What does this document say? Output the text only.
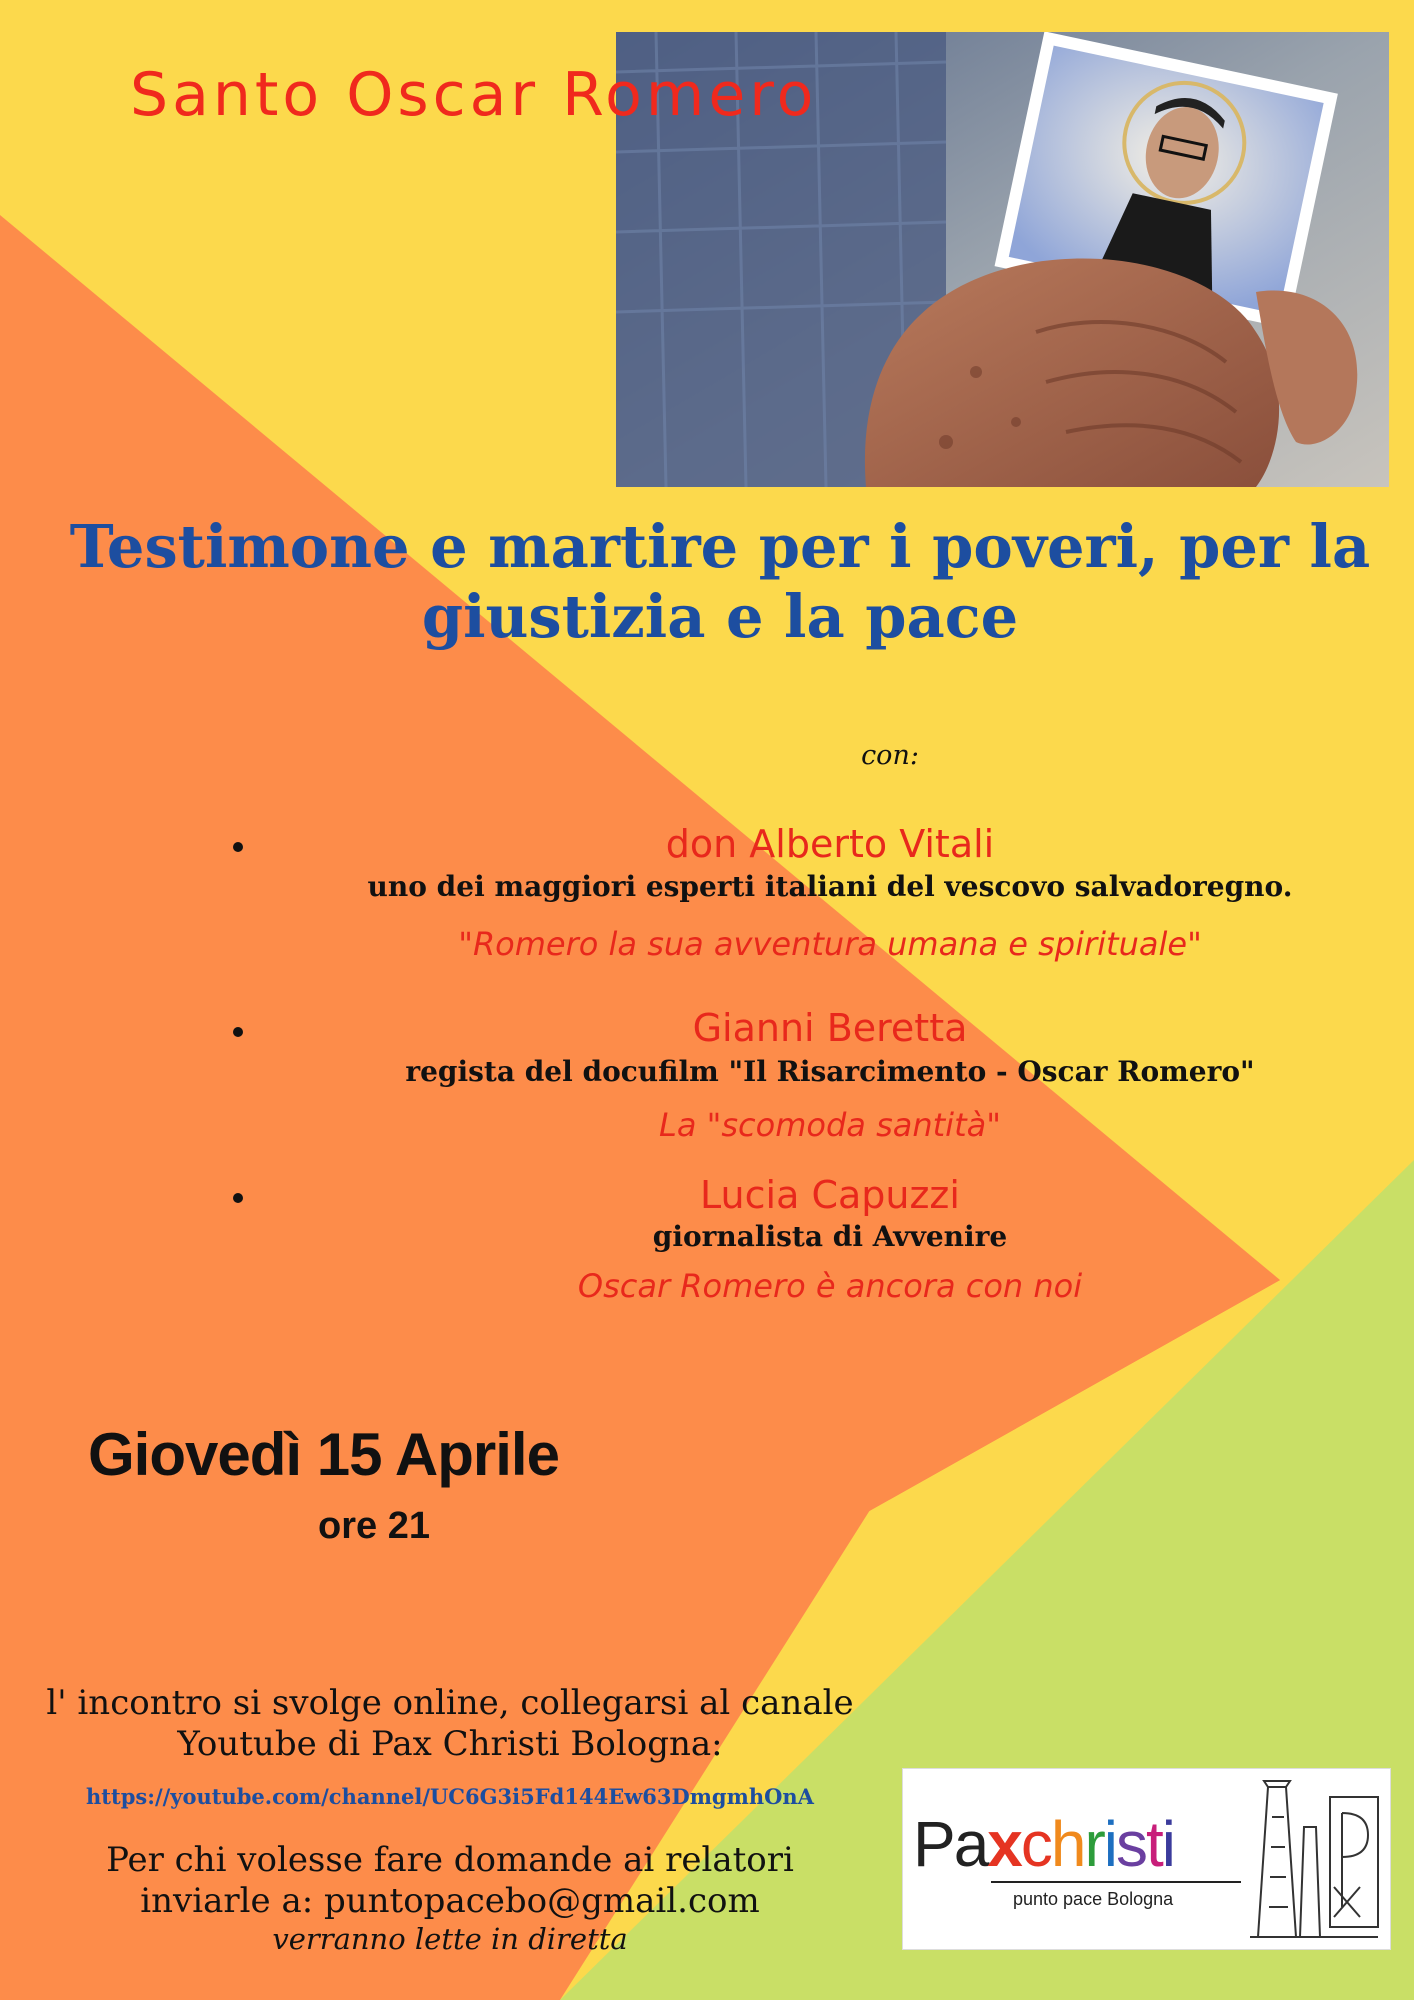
Santo Oscar Romero
Testimone e martire per i poveri, per la
giustizia e la pace
con:
don Alberto Vitali
uno dei maggiori esperti italiani del vescovo salvadoregno.
"Romero la sua avventura umana e spirituale"
Gianni Beretta
regista del docufilm "Il Risarcimento - Oscar Romero"
La "scomoda santità"
Lucia Capuzzi
giornalista di Avvenire
Oscar Romero è ancora con noi
Giovedì 15 Aprile
ore 21
l' incontro si svolge online, collegarsi al canale
Youtube di Pax Christi Bologna:
https://youtube.com/channel/UC6G3i5Fd144Ew63DmgmhOnA
Per chi volesse fare domande ai relatori
inviarle a: puntopacebo@gmail.com
verranno lette in diretta
Paxchristi
punto pace Bologna
